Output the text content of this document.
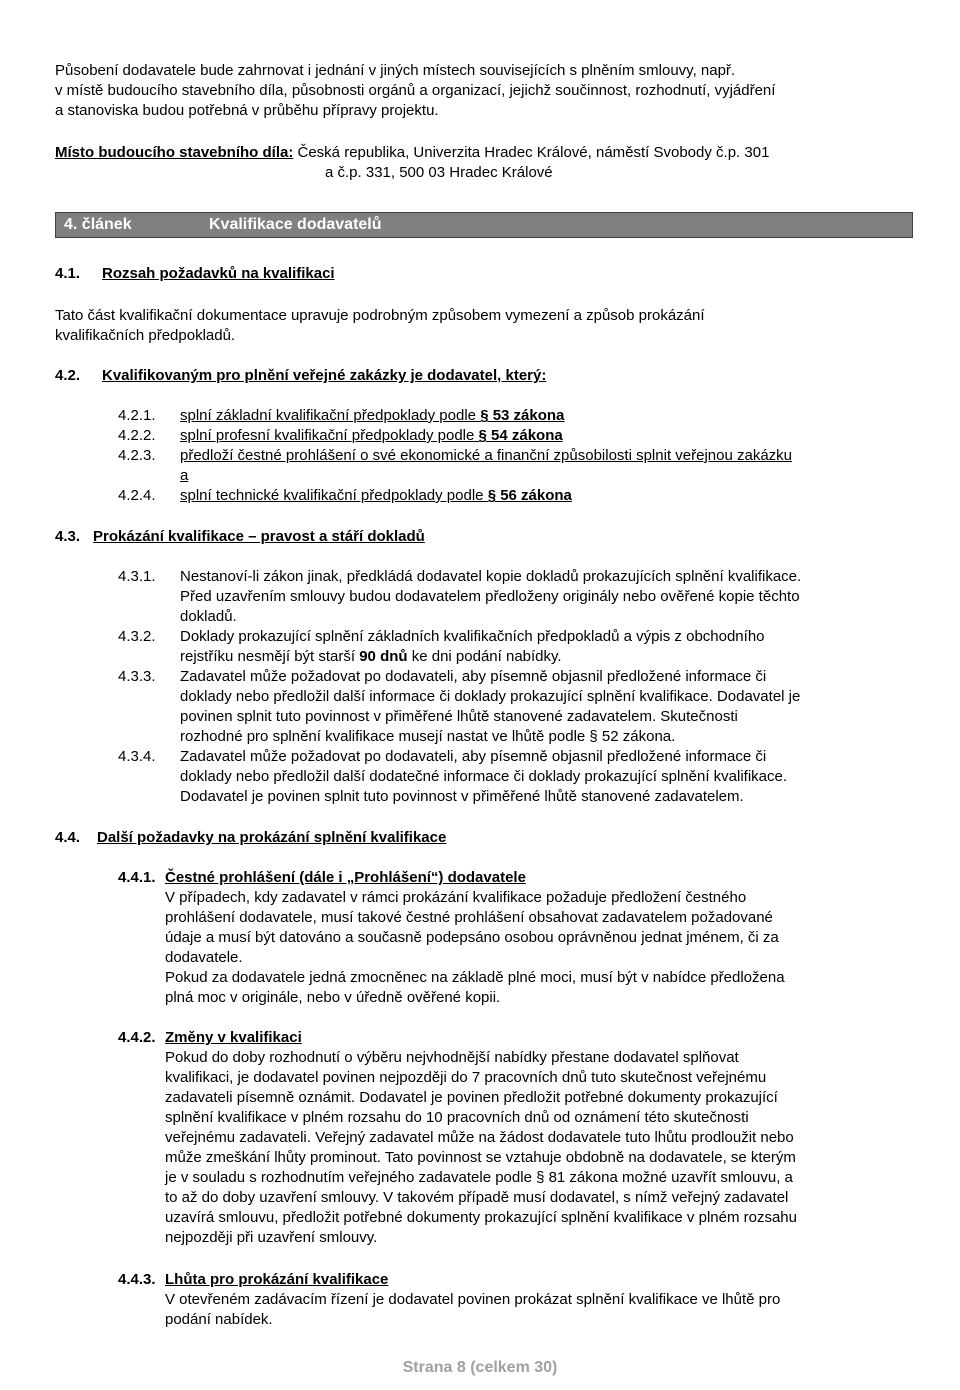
Působení dodavatele bude zahrnovat i jednání v jiných místech souvisejících s plněním smlouvy, např.

v místě budoucího stavebního díla, působnosti orgánů a organizací, jejichž součinnost, rozhodnutí, vyjádření

a stanoviska budou potřebná v průběhu přípravy projektu.

Místo budoucího stavebního díla: Česká republika, Univerzita Hradec Králové, náměstí Svobody č.p. 301
a č.p. 331, 500 03 Hradec Králové
4. článek	Kvalifikace dodavatelů
4.1. Rozsah požadavků na kvalifikaci

Tato část kvalifikační dokumentace upravuje podrobným způsobem vymezení a způsob prokázání

kvalifikačních předpokladů.

4.2. Kvalifikovaným pro plnění veřejné zakázky je dodavatel, který:
4.2.1. splní základní kvalifikační předpoklady podle § 53 zákona
4.2.2. splní profesní kvalifikační předpoklady podle § 54 zákona
4.2.3. předloží čestné prohlášení o své ekonomické a finanční způsobilosti splnit veřejnou zakázku
a
4.2.4. splní technické kvalifikační předpoklady podle § 56 zákona
4.3. Prokázání kvalifikace – pravost a stáří dokladů
4.3.1. Nestanoví-li zákon jinak, předkládá dodavatel kopie dokladů prokazujících splnění kvalifikace.
Před uzavřením smlouvy budou dodavatelem předloženy originály nebo ověřené kopie těchto
dokladů.
4.3.2. Doklady prokazující splnění základních kvalifikačních předpokladů a výpis z obchodního
rejstříku nesmějí být starší 90 dnů ke dni podání nabídky.
4.3.3. Zadavatel může požadovat po dodavateli, aby písemně objasnil předložené informace či
doklady nebo předložil další informace či doklady prokazující splnění kvalifikace. Dodavatel je
povinen splnit tuto povinnost v přiměřené lhůtě stanovené zadavatelem. Skutečnosti
rozhodné pro splnění kvalifikace musejí nastat ve lhůtě podle § 52 zákona.
4.3.4. Zadavatel může požadovat po dodavateli, aby písemně objasnil předložené informace či
doklady nebo předložil další dodatečné informace či doklady prokazující splnění kvalifikace.
Dodavatel je povinen splnit tuto povinnost v přiměřené lhůtě stanovené zadavatelem.
4.4. Další požadavky na prokázání splnění kvalifikace
4.4.1. Čestné prohlášení (dále i „Prohlášení“) dodavatele
V případech, kdy zadavatel v rámci prokázání kvalifikace požaduje předložení čestného
prohlášení dodavatele, musí takové čestné prohlášení obsahovat zadavatelem požadované
údaje a musí být datováno a současně podepsáno osobou oprávněnou jednat jménem, či za
dodavatele.
Pokud za dodavatele jedná zmocněnec na základě plné moci, musí být v nabídce předložena
plná moc v originále, nebo v úředně ověřené kopii.
4.4.2. Změny v kvalifikaci
Pokud do doby rozhodnutí o výběru nejvhodnější nabídky přestane dodavatel splňovat
kvalifikaci, je dodavatel povinen nejpozději do 7 pracovních dnů tuto skutečnost veřejnému
zadavateli písemně oznámit. Dodavatel je povinen předložit potřebné dokumenty prokazující
splnění kvalifikace v plném rozsahu do 10 pracovních dnů od oznámení této skutečnosti
veřejnému zadavateli. Veřejný zadavatel může na žádost dodavatele tuto lhůtu prodloužit nebo
může zmeškání lhůty prominout. Tato povinnost se vztahuje obdobně na dodavatele, se kterým
je v souladu s rozhodnutím veřejného zadavatele podle § 81 zákona možné uzavřít smlouvu, a
to až do doby uzavření smlouvy. V takovém případě musí dodavatel, s nímž veřejný zadavatel
uzavírá smlouvu, předložit potřebné dokumenty prokazující splnění kvalifikace v plném rozsahu
nejpozději při uzavření smlouvy.
4.4.3. Lhůta pro prokázání kvalifikace
V otevřeném zadávacím řízení je dodavatel povinen prokázat splnění kvalifikace ve lhůtě pro
podání nabídek.
Strana 8 (celkem 30)
